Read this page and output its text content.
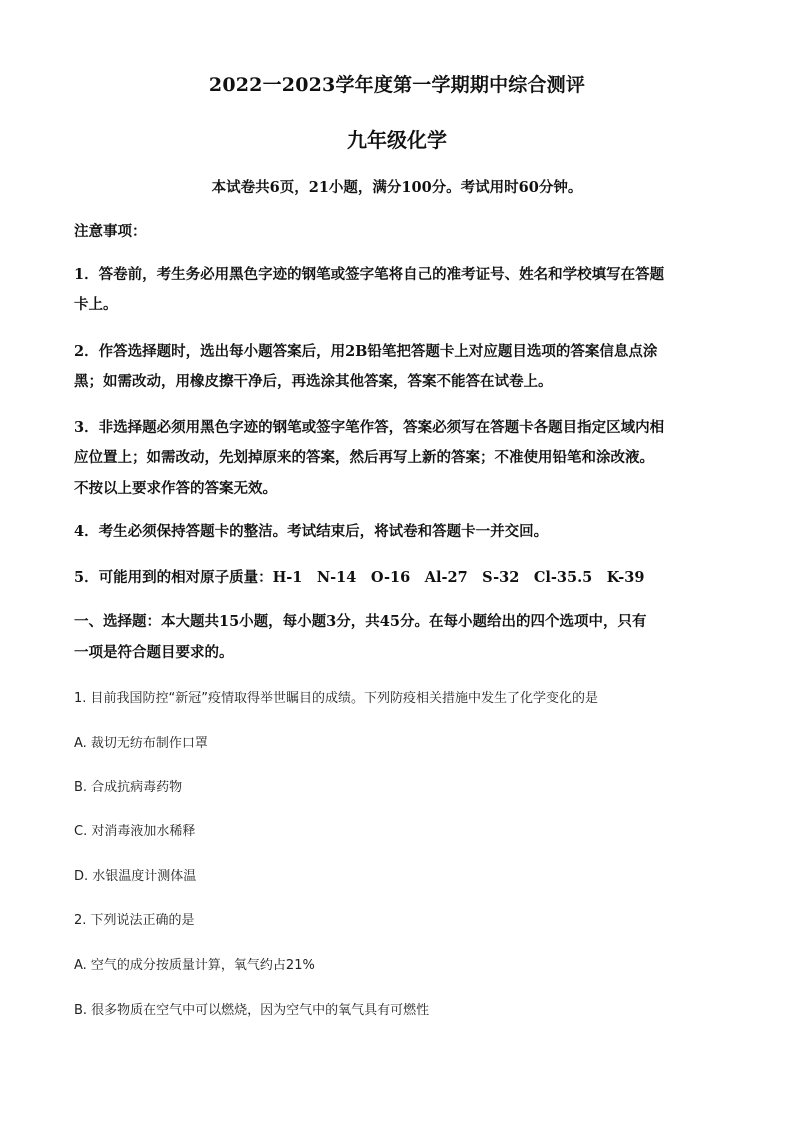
2022一2023学年度第一学期期中综合测评
九年级化学
本试卷共6页，21小题，满分100分。考试用时60分钟。
注意事项：
1．答卷前，考生务必用黑色字迹的钢笔或签字笔将自己的准考证号、姓名和学校填写在答题
卡上。
2．作答选择题时，选出每小题答案后，用2B铅笔把答题卡上对应题目选项的答案信息点涂
黑；如需改动，用橡皮擦干净后，再选涂其他答案，答案不能答在试卷上。
3．非选择题必须用黑色字迹的钢笔或签字笔作答，答案必须写在答题卡各题目指定区域内相
应位置上；如需改动，先划掉原来的答案，然后再写上新的答案；不准使用铅笔和涂改液。
不按以上要求作答的答案无效。
4．考生必须保持答题卡的整洁。考试结束后，将试卷和答题卡一并交回。
5．可能用到的相对原子质量：H-1　N-14　O-16　Al-27　S-32　Cl-35.5　K-39
一、选择题：本大题共15小题，每小题3分，共45分。在每小题给出的四个选项中，只有
一项是符合题目要求的。
1. 目前我国防控“新冠”疫情取得举世瞩目的成绩。下列防疫相关措施中发生了化学变化的是
A. 裁切无纺布制作口罩
B. 合成抗病毒药物
C. 对消毒液加水稀释
D. 水银温度计测体温
2. 下列说法正确的是
A. 空气的成分按质量计算，氧气约占21%
B. 很多物质在空气中可以燃烧，因为空气中的氧气具有可燃性
